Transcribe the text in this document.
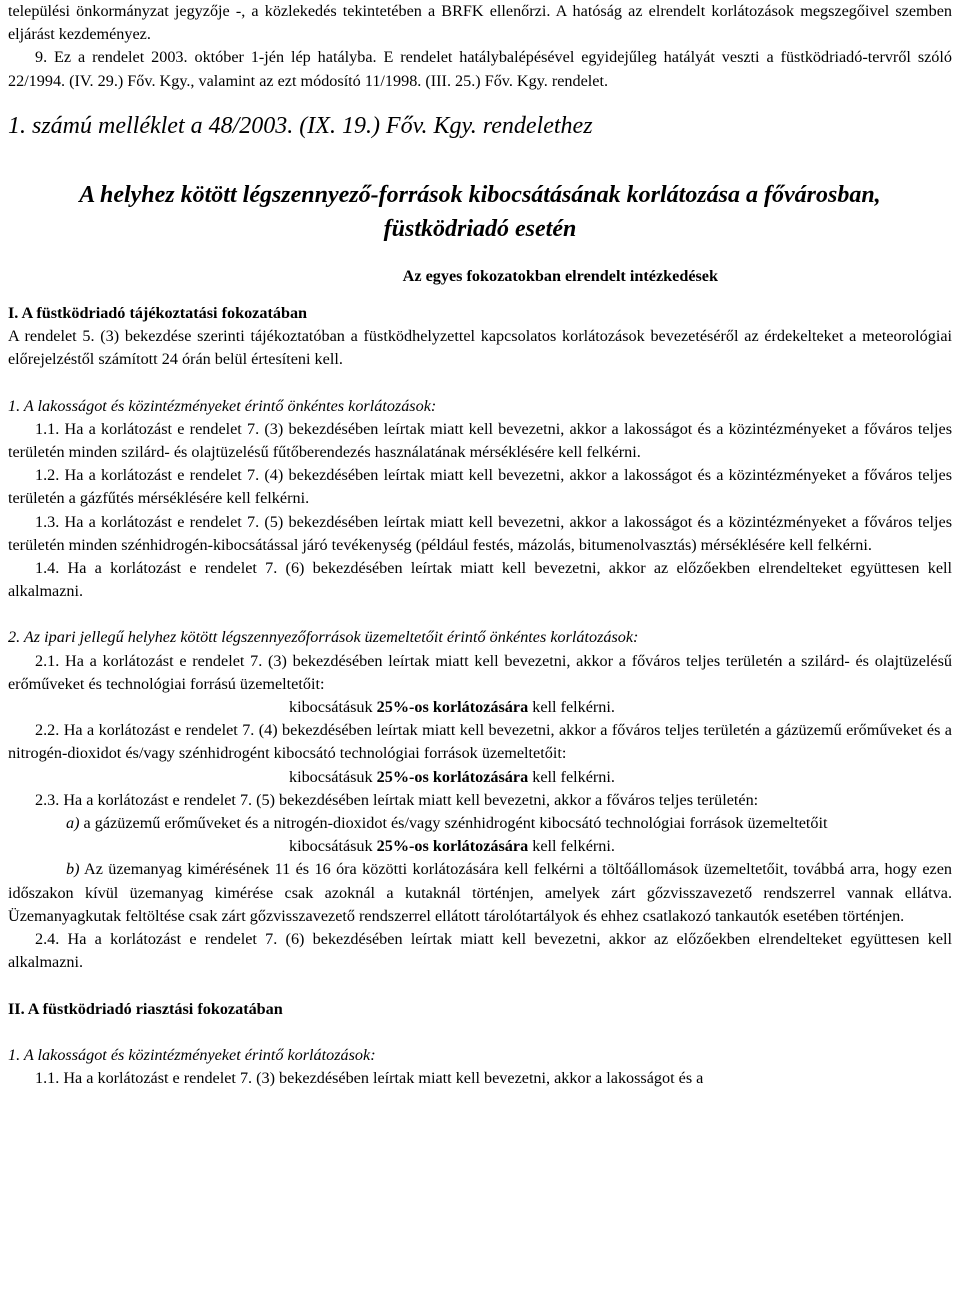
települési önkormányzat jegyzője -, a közlekedés tekintetében a BRFK ellenőrzi. A hatóság az elrendelt korlátozások megszegőivel szemben eljárást kezdeményez.

9. Ez a rendelet 2003. október 1-jén lép hatályba. E rendelet hatálybalépésével egyidejűleg hatályát veszti a füstködriadó-tervről szóló 22/1994. (IV. 29.) Főv. Kgy., valamint az ezt módosító 11/1998. (III. 25.) Főv. Kgy. rendelet.

1. számú melléklet a 48/2003. (IX. 19.) Főv. Kgy. rendelethez

A helyhez kötött légszennyező-források kibocsátásának korlátozása a fővárosban,
füstködriadó esetén

Az egyes fokozatokban elrendelt intézkedések

I. A füstködriadó tájékoztatási fokozatában

A rendelet 5. (3) bekezdése szerinti tájékoztatóban a füstködhelyzettel kapcsolatos korlátozások bevezetéséről az érdekelteket a meteorológiai előrejelzéstől számított 24 órán belül értesíteni kell.

1. A lakosságot és közintézményeket érintő önkéntes korlátozások:

1.1. Ha a korlátozást e rendelet 7. (3) bekezdésében leírtak miatt kell bevezetni, akkor a lakosságot és a közintézményeket a főváros teljes területén minden szilárd- és olajtüzelésű fűtőberendezés használatának mérséklésére kell felkérni.

1.2. Ha a korlátozást e rendelet 7. (4) bekezdésében leírtak miatt kell bevezetni, akkor a lakosságot és a közintézményeket a főváros teljes területén a gázfűtés mérséklésére kell felkérni.

1.3. Ha a korlátozást e rendelet 7. (5) bekezdésében leírtak miatt kell bevezetni, akkor a lakosságot és a közintézményeket a főváros teljes területén minden szénhidrogén-kibocsátással járó tevékenység (például festés, mázolás, bitumenolvasztás) mérséklésére kell felkérni.

1.4. Ha a korlátozást e rendelet 7. (6) bekezdésében leírtak miatt kell bevezetni, akkor az előzőekben elrendelteket együttesen kell alkalmazni.

2. Az ipari jellegű helyhez kötött légszennyezőforrások üzemeltetőit érintő önkéntes korlátozások:

2.1. Ha a korlátozást e rendelet 7. (3) bekezdésében leírtak miatt kell bevezetni, akkor a főváros teljes területén a szilárd- és olajtüzelésű erőműveket és technológiai forrású üzemeltetőit:

kibocsátásuk 25%-os korlátozására kell felkérni.

2.2. Ha a korlátozást e rendelet 7. (4) bekezdésében leírtak miatt kell bevezetni, akkor a főváros teljes területén a gázüzemű erőműveket és a nitrogén-dioxidot és/vagy szénhidrogént kibocsátó technológiai források üzemeltetőit:

kibocsátásuk 25%-os korlátozására kell felkérni.

2.3. Ha a korlátozást e rendelet 7. (5) bekezdésében leírtak miatt kell bevezetni, akkor a főváros teljes területén:

a) a gázüzemű erőműveket és a nitrogén-dioxidot és/vagy szénhidrogént kibocsátó technológiai források üzemeltetőit

kibocsátásuk 25%-os korlátozására kell felkérni.

b) Az üzemanyag kimérésének 11 és 16 óra közötti korlátozására kell felkérni a töltőállomások üzemeltetőit, továbbá arra, hogy ezen időszakon kívül üzemanyag kimérése csak azoknál a kutaknál történjen, amelyek zárt gőzvisszavezető rendszerrel vannak ellátva. Üzemanyagkutak feltöltése csak zárt gőzvisszavezető rendszerrel ellátott tárolótartályok és ehhez csatlakozó tankautók esetében történjen.

2.4. Ha a korlátozást e rendelet 7. (6) bekezdésében leírtak miatt kell bevezetni, akkor az előzőekben elrendelteket együttesen kell alkalmazni.

II. A füstködriadó riasztási fokozatában

1. A lakosságot és közintézményeket érintő korlátozások:

1.1. Ha a korlátozást e rendelet 7. (3) bekezdésében leírtak miatt kell bevezetni, akkor a lakosságot és a
